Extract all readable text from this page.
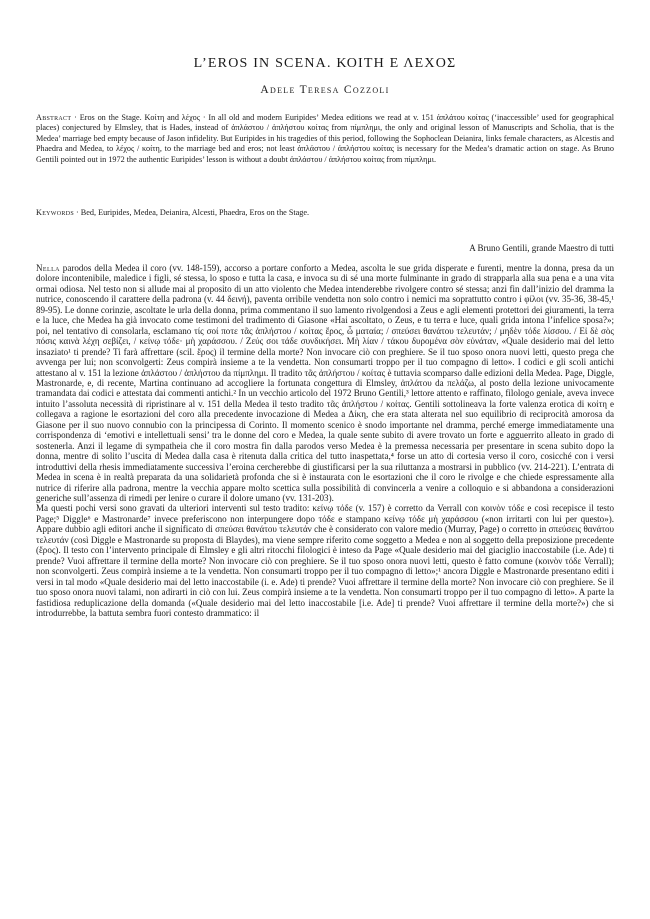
L’EROS IN SCENA. ΚΟΙΤΗ Ε ΛΕΧΟΣ
Adele Teresa Cozzoli
Abstract · Eros on the Stage. Κοίτη and λέχος · In all old and modern Euripides’ Medea editions we read at v. 151 ἀπλάτου κοίτας (‘inaccessible’ used for geographical places) conjectured by Elmsley, that is Hades, instead of ἀπλάστου / ἀπλήστου κοίτας from πίμπλημι, the only and original lesson of Manuscripts and Scholia, that is the Medea’ marriage bed empty because of Jason infidelity. But Euripides in his tragedies of this period, following the Sophoclean Deianira, links female characters, as Alcestis and Phaedra and Medea, to λέχος / κοίτη, to the marriage bed and eros; not least ἀπλάστου / ἀπλήστου κοίτας is necessary for the Medea’s dramatic action on stage. As Bruno Gentili pointed out in 1972 the authentic Euripides’ lesson is without a doubt ἀπλάστου / ἀπλήστου κοίτας from πίμπλημι.
Keywords · Bed, Euripides, Medea, Deianira, Alcesti, Phaedra, Eros on the Stage.
A Bruno Gentili, grande Maestro di tutti

Nella parodos della Medea il coro (vv. 148-159), accorso a portare conforto a Medea, ascolta le sue grida disperate e furenti, mentre la donna, presa da un dolore incontenibile, maledice i figli, sé stessa, lo sposo e tutta la casa, e invoca su di sé una morte fulminante in grado di strapparla alla sua pena e a una vita ormai odiosa. Nel testo non si allude mai al proposito di un atto violento che Medea intenderebbe rivolgere contro sé stessa; anzi fin dall’inizio del dramma la nutrice, conoscendo il carattere della padrona (v. 44 δεινή), paventa orribile vendetta non solo contro i nemici ma soprattutto contro i φίλοι (vv. 35-36, 38-45,¹ 89-95). Le donne corinzie, ascoltate le urla della donna, prima commentano il suo lamento rivolgendosi a Zeus e agli elementi protettori dei giuramenti, la terra e la luce, che Medea ha già invocato come testimoni del tradimento di Giasone «Hai ascoltato, o Zeus, e tu terra e luce, quali grida intona l’infelice sposa?»; poi, nel tentativo di consolarla, esclamano τίς σοί ποτε τᾶς ἀπλήστου / κοίτας ἔρος, ὦ ματαία; / σπεύσει θανάτου τελευτάν; / μηδὲν τόδε λίσσου. / Εἰ δὲ σὸς πόσις καινὰ λέχη σεβίζει, / κείνῳ τόδε· μὴ χαράσσου. / Ζεύς σοι τάδε συνδικήσει. Μὴ λίαν / τάκου δυρομένα σὸν εὐνάταν, «Quale desiderio mai del letto insaziato¹ ti prende? Ti farà affrettare (scil. ἔρος) il termine della morte? Non invocare ciò con preghiere. Se il tuo sposo onora nuovi letti, questo prega che avvenga per lui; non sconvolgerti: Zeus compirà insieme a te la vendetta. Non consumarti troppo per il tuo compagno di letto». I codici e gli scoli antichi attestano al v. 151 la lezione ἀπλάστου / ἀπλήστου da πίμπλημι. Il tradito τᾶς ἀπλήστου / κοίτας è tuttavia scomparso dalle edizioni della Medea. Page, Diggle, Mastronarde, e, di recente, Martina continuano ad accogliere la fortunata congettura di Elmsley, ἀπλάτου da πελάζω, al posto della lezione univocamente tramandata dai codici e attestata dai commenti antichi.² In un vecchio articolo del 1972 Bruno Gentili,³ lettore attento e raffinato, filologo geniale, aveva invece intuito l’assoluta necessità di ripristinare al v. 151 della Medea il testo tradito τᾶς ἀπλήστου / κοίτας. Gentili sottolineava la forte valenza erotica di κοίτη e collegava a ragione le esortazioni del coro alla precedente invocazione di Medea a Δίκη, che era stata alterata nel suo equilibrio di reciprocità amorosa da Giasone per il suo nuovo connubio con la principessa di Corinto. Il momento scenico è snodo importante nel dramma, perché emerge immediatamente una corrispondenza di ‘emotivi e intellettuali sensi’ tra le donne del coro e Medea, la quale sente subito di avere trovato un forte e agguerrito alleato in grado di sostenerla. Anzi il legame di sympatheia che il coro mostra fin dalla parodos verso Medea è la premessa necessaria per presentare in scena subito dopo la donna, mentre di solito l’uscita di Medea dalla casa è ritenuta dalla critica del tutto inaspettata,⁴ forse un atto di cortesia verso il coro, cosicché con i versi introduttivi della rhesis immediatamente successiva l’eroina cercherebbe di giustificarsi per la sua riluttanza a mostrarsi in pubblico (vv. 214-221). L’entrata di Medea in scena è in realtà preparata da una solidarietà profonda che si è instaurata con le esortazioni che il coro le rivolge e che chiede espressamente alla nutrice di riferire alla padrona, mentre la vecchia appare molto scettica sulla possibilità di convincerla a venire a colloquio e si abbandona a considerazioni generiche sull’assenza di rimedi per lenire o curare il dolore umano (vv. 131-203).

Ma questi pochi versi sono gravati da ulteriori interventi sul testo tradito: κείνῳ τόδε (v. 157) è corretto da Verrall con κοινὸν τόδε e così recepisce il testo Page;⁵ Diggle⁶ e Mastronarde⁷ invece preferiscono non interpungere dopo τόδε e stampano κείνῳ τόδε μὴ χαράσσου («non irritarti con lui per questo»). Appare dubbio agli editori anche il significato di σπεύσει θανάτου τελευτάν che è considerato con valore medio (Murray, Page) o corretto in σπεύσεις θανάτου τελευτάν (così Diggle e Mastronarde su proposta di Blaydes), ma viene sempre riferito come soggetto a Medea e non al soggetto della preposizione precedente (ἔρος). Il testo con l’intervento principale di Elmsley e gli altri ritocchi filologici è inteso da Page «Quale desiderio mai del giaciglio inaccostabile (i.e. Ade) ti prende? Vuoi affrettare il termine della morte? Non invocare ciò con preghiere. Se il tuo sposo onora nuovi letti, questo è fatto comune (κοινὸν τόδε Verrall); non sconvolgerti. Zeus compirà insieme a te la vendetta. Non consumarti troppo per il tuo compagno di letto»;¹ ancora Diggle e Mastronarde presentano editi i versi in tal modo «Quale desiderio mai del letto inaccostabile (i. e. Ade) ti prende? Vuoi affrettare il termine della morte? Non invocare ciò con preghiere. Se il tuo sposo onora nuovi talami, non adirarti in ciò con lui. Zeus compirà insieme a te la vendetta. Non consumarti troppo per il tuo compagno di letto». A parte la fastidiosa reduplicazione della domanda («Quale desiderio mai del letto inaccostabile [i.e. Ade] ti prende? Vuoi affrettare il termine della morte?») che si introdurrebbe, la battuta sembra fuori contesto drammatico: il
